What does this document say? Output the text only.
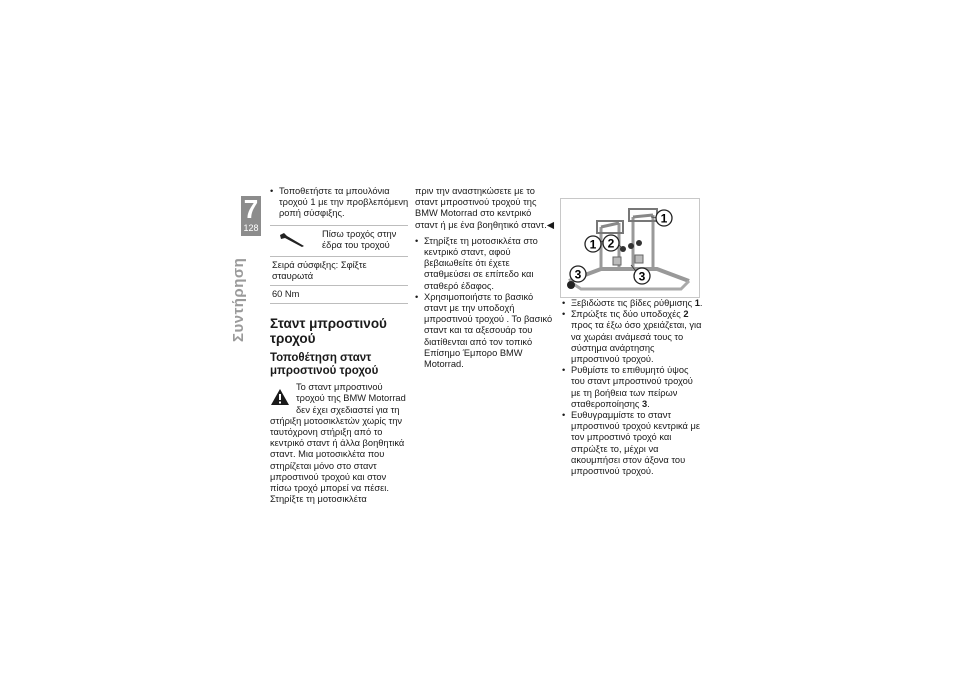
7
128
Συντήρηση
• Τοποθετήστε τα μπουλόνια τροχού 1 με την προβλεπόμενη ροπή σύσφιξης.
Πίσω τροχός στην έδρα του τροχού
Σειρά σύσφιξης: Σφίξτε σταυρωτά
60 Nm
Σταντ μπροστινού τροχού
Τοποθέτηση σταντ μπροστινού τροχού

Το σταντ μπροστινού τροχού της BMW Motorrad δεν έχει σχεδιαστεί για τη στήριξη μοτοσικλετών χωρίς την ταυτόχρονη στήριξη από το κεντρικό σταντ ή άλλα βοηθητικά σταντ. Μια μοτοσικλέτα που στηρίζεται μόνο στο σταντ μπροστινού τροχού και στον πίσω τροχό μπορεί να πέσει. Στηρίξτε τη μοτοσικλέτα

πριν την αναστηκώσετε με το σταντ μπροστινού τροχού της BMW Motorrad στο κεντρικό σταντ ή με ένα βοηθητικό σταντ.◀

• Στηρίξτε τη μοτοσικλέτα στο κεντρικό σταντ, αφού βεβαιωθείτε ότι έχετε σταθμεύσει σε επίπεδο και σταθερό έδαφος.
• Χρησιμοποιήστε το βασικό σταντ με την υποδοχή μπροστινού τροχού . Το βασικό σταντ και τα αξεσουάρ του διατίθενται από τον τοπικό Επίσημο Έμπορο BMW Motorrad.
1
2
1
3	3
• Ξεβιδώστε τις βίδες ρύθμισης 1.
• Σπρώξτε τις δύο υποδοχές 2 προς τα έξω όσο χρειάζεται, για να χωράει ανάμεσά τους το σύστημα ανάρτησης μπροστινού τροχού.
• Ρυθμίστε το επιθυμητό ύψος του σταντ μπροστινού τροχού με τη βοήθεια των πείρων σταθεροποίησης 3.
• Ευθυγραμμίστε το σταντ μπροστινού τροχού κεντρικά με τον μπροστινό τροχό και σπρώξτε το, μέχρι να ακουμπήσει στον άξονα του μπροστινού τροχού.
